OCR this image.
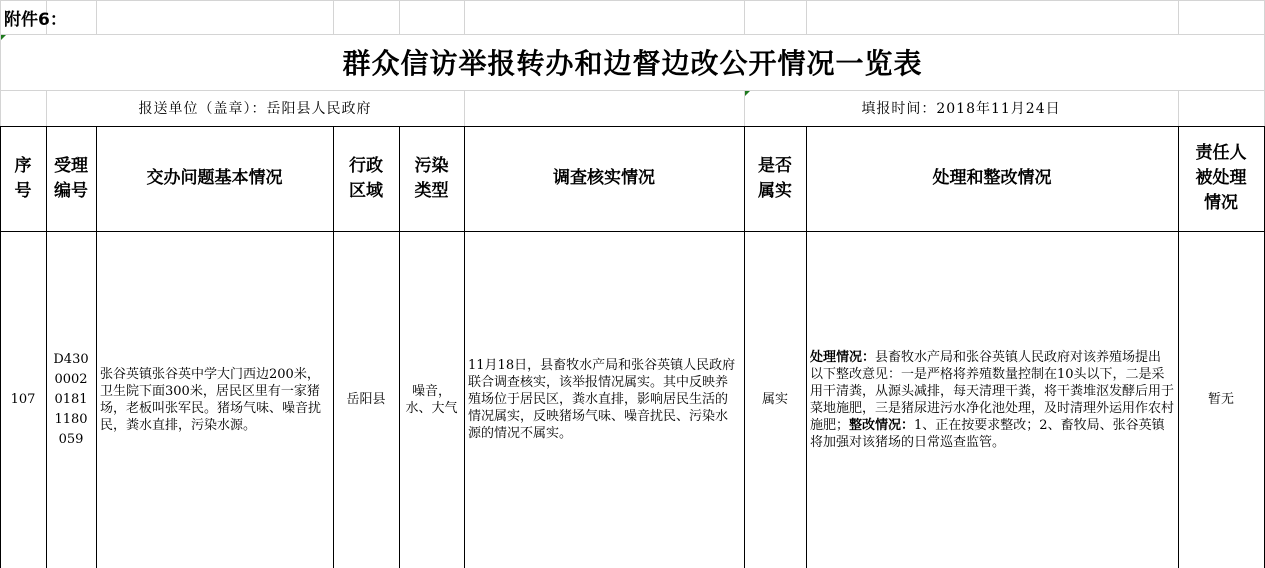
附件6：
群众信访举报转办和边督边改公开情况一览表
报送单位（盖章）：岳阳县人民政府	填报时间：2018年11月24日
序
号
受理
编号
交办问题基本情况
行政
区域
污染
类型
调查核实情况
是否
属实
处理和整改情况
责任人
被处理
情况
107
D430
0002
0181
1180
059
张谷英镇张谷英中学大门西边200米，卫生院下面300米，居民区里有一家猪场，老板叫张军民。猪场气味、噪音扰民，粪水直排，污染水源。
岳阳县
噪音，水、大气
11月18日，县畜牧水产局和张谷英镇人民政府联合调查核实，该举报情况属实。其中反映养殖场位于居民区，粪水直排，影响居民生活的情况属实，反映猪场气味、噪音扰民、污染水源的情况不属实。
属实
处理情况：县畜牧水产局和张谷英镇人民政府对该养殖场提出以下整改意见：一是严格将养殖数量控制在10头以下，二是采用干清粪，从源头减排，每天清理干粪，将干粪堆沤发酵后用于菜地施肥，三是猪尿进污水净化池处理，及时清理外运用作农村施肥；整改情况：1、正在按要求整改；2、畜牧局、张谷英镇将加强对该猪场的日常巡查监管。
暂无
